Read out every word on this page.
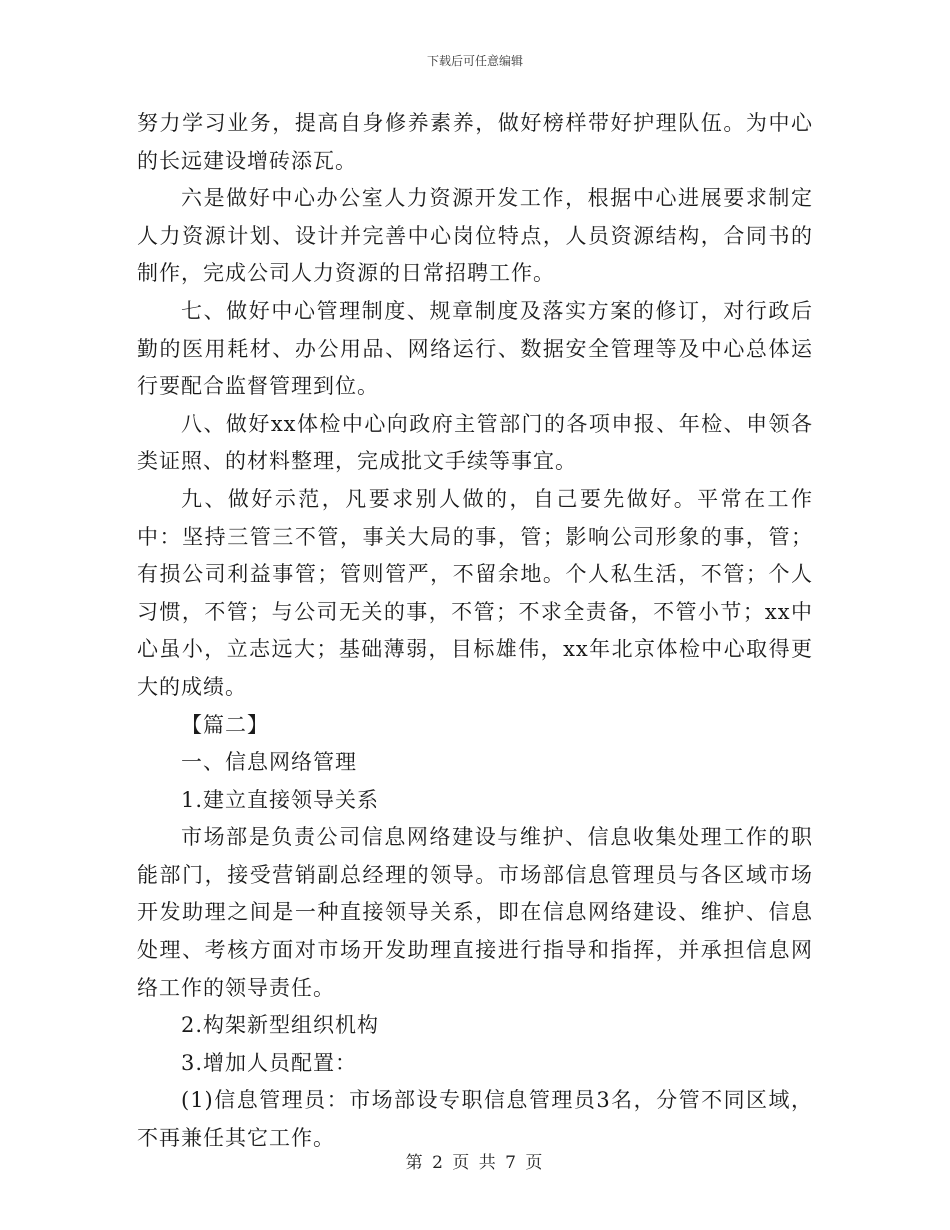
下载后可任意编辑

努力学习业务，提高自身修养素养，做好榜样带好护理队伍。为中心的长远建设增砖添瓦。

六是做好中心办公室人力资源开发工作，根据中心进展要求制定人力资源计划、设计并完善中心岗位特点，人员资源结构，合同书的制作，完成公司人力资源的日常招聘工作。

七、做好中心管理制度、规章制度及落实方案的修订，对行政后勤的医用耗材、办公用品、网络运行、数据安全管理等及中心总体运行要配合监督管理到位。

八、做好xx体检中心向政府主管部门的各项申报、年检、申领各类证照、的材料整理，完成批文手续等事宜。

九、做好示范，凡要求别人做的，自己要先做好。平常在工作中：坚持三管三不管，事关大局的事，管；影响公司形象的事，管；有损公司利益事管；管则管严，不留余地。个人私生活，不管；个人习惯，不管；与公司无关的事，不管；不求全责备，不管小节；xx中心虽小，立志远大；基础薄弱，目标雄伟，xx年北京体检中心取得更大的成绩。

【篇二】

一、信息网络管理

1.建立直接领导关系

市场部是负责公司信息网络建设与维护、信息收集处理工作的职能部门，接受营销副总经理的领导。市场部信息管理员与各区域市场开发助理之间是一种直接领导关系，即在信息网络建设、维护、信息处理、考核方面对市场开发助理直接进行指导和指挥，并承担信息网络工作的领导责任。

2.构架新型组织机构

3.增加人员配置：

(1)信息管理员：市场部设专职信息管理员3名，分管不同区域，不再兼任其它工作。

第 2 页 共 7 页
